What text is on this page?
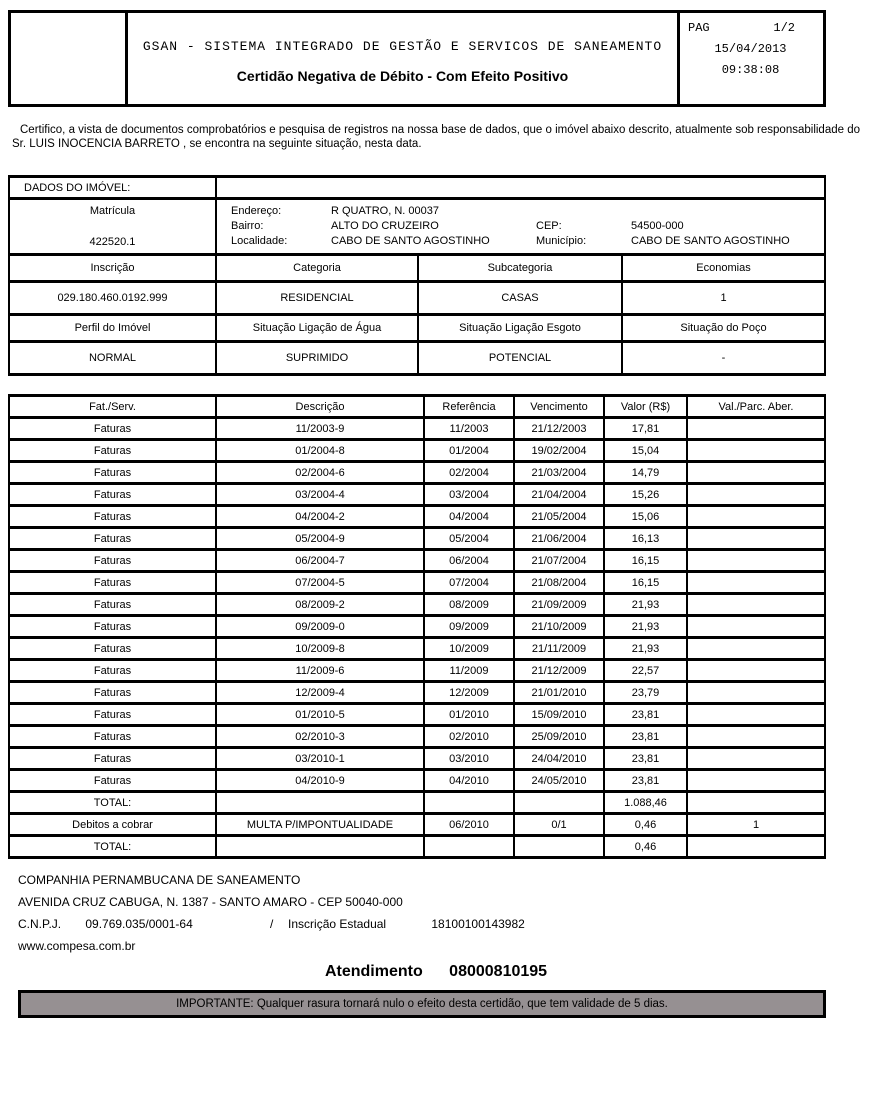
GSAN - SISTEMA INTEGRADO DE GESTÃO E SERVICOS DE SANEAMENTO
Certidão Negativa de Débito - Com Efeito Positivo
PAG	1/2
15/04/2013
09:38:08

Certifico, a vista de documentos comprobatórios e pesquisa de registros na nossa base de dados, que o imóvel abaixo descrito, atualmente sob responsabilidade do Sr. LUIS INOCENCIA BARRETO , se encontra na seguinte situação, nesta data.

DADOS DO IMÓVEL:			

Matrícula
422520.1

Endereço:	R QUATRO, N. 00037
Bairro:	ALTO DO CRUZEIRO	CEP:	54500-000
Localidade:	CABO DE SANTO AGOSTINHO	Município:	CABO DE SANTO AGOSTINHO

Inscrição	Categoria	Subcategoria	Economias
029.180.460.0192.999	RESIDENCIAL	CASAS	1
Perfil do Imóvel	Situação Ligação de Água	Situação Ligação Esgoto	Situação do Poço
NORMAL	SUPRIMIDO	POTENCIAL	-
Fat./Serv.	Descrição	Referência	Vencimento	Valor (R$)	Val./Parc. Aber.
Faturas	11/2003-9	11/2003	21/12/2003	17,81	
Faturas	01/2004-8	01/2004	19/02/2004	15,04	
Faturas	02/2004-6	02/2004	21/03/2004	14,79	
Faturas	03/2004-4	03/2004	21/04/2004	15,26	
Faturas	04/2004-2	04/2004	21/05/2004	15,06	
Faturas	05/2004-9	05/2004	21/06/2004	16,13	
Faturas	06/2004-7	06/2004	21/07/2004	16,15	
Faturas	07/2004-5	07/2004	21/08/2004	16,15	
Faturas	08/2009-2	08/2009	21/09/2009	21,93	
Faturas	09/2009-0	09/2009	21/10/2009	21,93	
Faturas	10/2009-8	10/2009	21/11/2009	21,93	
Faturas	11/2009-6	11/2009	21/12/2009	22,57	
Faturas	12/2009-4	12/2009	21/01/2010	23,79	
Faturas	01/2010-5	01/2010	15/09/2010	23,81	
Faturas	02/2010-3	02/2010	25/09/2010	23,81	
Faturas	03/2010-1	03/2010	24/04/2010	23,81	
Faturas	04/2010-9	04/2010	24/05/2010	23,81	
TOTAL:				1.088,46	
Debitos a cobrar	MULTA P/IMPONTUALIDADE	06/2010	0/1	0,46	1
TOTAL:				0,46	
COMPANHIA PERNAMBUCANA DE SANEAMENTO
AVENIDA CRUZ CABUGA, N. 1387 - SANTO AMARO - CEP 50040-000
C.N.P.J. 09.769.035/0001-64	/ Inscrição Estadual	18100100143982
www.compesa.com.br
Atendimento 08000810195
IMPORTANTE: Qualquer rasura tornará nulo o efeito desta certidão, que tem validade de 5 dias.
